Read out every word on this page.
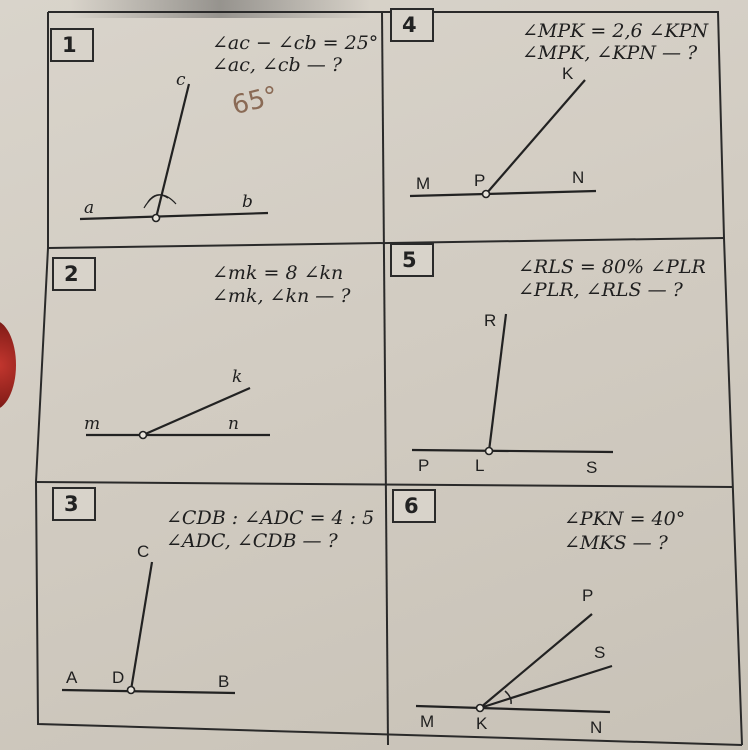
1
4
2
5
3	6
∠ac − ∠cb = 25°
∠ac, ∠cb — ?
65°
c
a	b
∠MPK = 2,6 ∠KPN
∠MPK, ∠KPN — ?
K
M	P	N
∠mk = 8 ∠kn
∠mk, ∠kn — ?
k
m	n
∠RLS = 80% ∠PLR
∠PLR, ∠RLS — ?
R
P	L	S
∠CDB : ∠ADC = 4 : 5
∠ADC, ∠CDB — ?
C
A D	B
∠PKN = 40°
∠MKS — ?
P
S
M K	N
